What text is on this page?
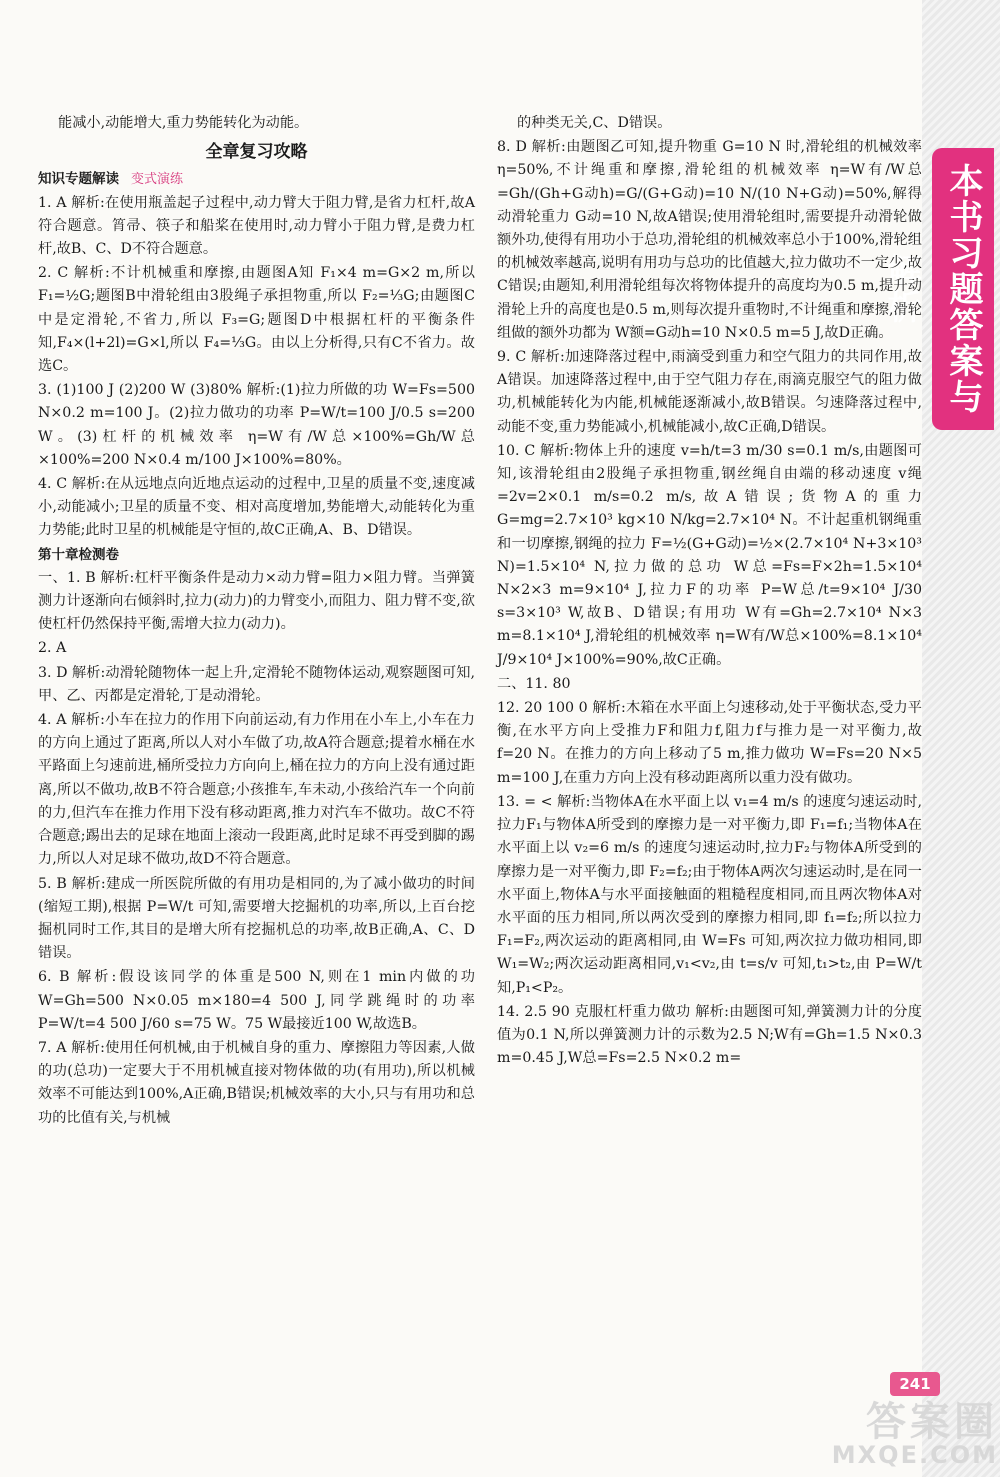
本书习题答案与解析
能减小,动能增大,重力势能转化为动能。
全章复习攻略
知识专题解读 变式演练
1. A 解析:在使用瓶盖起子过程中,动力臂大于阻力臂,是省力杠杆,故A符合题意。筲帚、筷子和船桨在使用时,动力臂小于阻力臂,是费力杠杆,故B、C、D不符合题意。
2. C 解析:不计机械重和摩擦,由题图A知 F₁×4 m=G×2 m,所以 F₁=½G;题图B中滑轮组由3股绳子承担物重,所以 F₂=⅓G;由题图C中是定滑轮,不省力,所以 F₃=G;题图D中根据杠杆的平衡条件知,F₄×(l+2l)=G×l,所以 F₄=⅓G。由以上分析得,只有C不省力。故选C。
3. (1)100 J (2)200 W (3)80% 解析:(1)拉力所做的功 W=Fs=500 N×0.2 m=100 J。(2)拉力做功的功率 P=W/t=100 J/0.5 s=200 W。(3)杠杆的机械效率 η=W有/W总×100%=Gh/W总×100%=200 N×0.4 m/100 J×100%=80%。
4. C 解析:在从远地点向近地点运动的过程中,卫星的质量不变,速度减小,动能减小;卫星的质量不变、相对高度增加,势能增大,动能转化为重力势能;此时卫星的机械能是守恒的,故C正确,A、B、D错误。
第十章检测卷
一、1. B 解析:杠杆平衡条件是动力×动力臂=阻力×阻力臂。当弹簧测力计逐渐向右倾斜时,拉力(动力)的力臂变小,而阻力、阻力臂不变,欲使杠杆仍然保持平衡,需增大拉力(动力)。
2. A
3. D 解析:动滑轮随物体一起上升,定滑轮不随物体运动,观察题图可知,甲、乙、丙都是定滑轮,丁是动滑轮。
4. A 解析:小车在拉力的作用下向前运动,有力作用在小车上,小车在力的方向上通过了距离,所以人对小车做了功,故A符合题意;提着水桶在水平路面上匀速前进,桶所受拉力方向向上,桶在拉力的方向上没有通过距离,所以不做功,故B不符合题意;小孩推车,车未动,小孩给汽车一个向前的力,但汽车在推力作用下没有移动距离,推力对汽车不做功。故C不符合题意;踢出去的足球在地面上滚动一段距离,此时足球不再受到脚的踢力,所以人对足球不做功,故D不符合题意。
5. B 解析:建成一所医院所做的有用功是相同的,为了减小做功的时间(缩短工期),根据 P=W/t 可知,需要增大挖掘机的功率,所以,上百台挖掘机同时工作,其目的是增大所有挖掘机总的功率,故B正确,A、C、D错误。
6. B 解析:假设该同学的体重是500 N,则在1 min内做的功 W=Gh=500 N×0.05 m×180=4 500 J,同学跳绳时的功率 P=W/t=4 500 J/60 s=75 W。75 W最接近100 W,故选B。
7. A 解析:使用任何机械,由于机械自身的重力、摩擦阻力等因素,人做的功(总功)一定要大于不用机械直接对物体做的功(有用功),所以机械效率不可能达到100%,A正确,B错误;机械效率的大小,只与有用功和总功的比值有关,与机械
的种类无关,C、D错误。
8. D 解析:由题图乙可知,提升物重 G=10 N 时,滑轮组的机械效率 η=50%,不计绳重和摩擦,滑轮组的机械效率 η=W有/W总=Gh/(Gh+G动h)=G/(G+G动)=10 N/(10 N+G动)=50%,解得动滑轮重力 G动=10 N,故A错误;使用滑轮组时,需要提升动滑轮做额外功,使得有用功小于总功,滑轮组的机械效率总小于100%,滑轮组的机械效率越高,说明有用功与总功的比值越大,拉力做功不一定少,故C错误;由题知,利用滑轮组每次将物体提升的高度均为0.5 m,提升动滑轮上升的高度也是0.5 m,则每次提升重物时,不计绳重和摩擦,滑轮组做的额外功都为 W额=G动h=10 N×0.5 m=5 J,故D正确。
9. C 解析:加速降落过程中,雨滴受到重力和空气阻力的共同作用,故A错误。加速降落过程中,由于空气阻力存在,雨滴克服空气的阻力做功,机械能转化为内能,机械能逐渐减小,故B错误。匀速降落过程中,动能不变,重力势能减小,机械能减小,故C正确,D错误。
10. C 解析:物体上升的速度 v=h/t=3 m/30 s=0.1 m/s,由题图可知,该滑轮组由2股绳子承担物重,钢丝绳自由端的移动速度 v绳=2v=2×0.1 m/s=0.2 m/s,故A错误;货物A的重力 G=mg=2.7×10³ kg×10 N/kg=2.7×10⁴ N。不计起重机钢绳重和一切摩擦,钢绳的拉力 F=½(G+G动)=½×(2.7×10⁴ N+3×10³ N)=1.5×10⁴ N,拉力做的总功 W总=Fs=F×2h=1.5×10⁴ N×2×3 m=9×10⁴ J,拉力F的功率 P=W总/t=9×10⁴ J/30 s=3×10³ W,故B、D错误;有用功 W有=Gh=2.7×10⁴ N×3 m=8.1×10⁴ J,滑轮组的机械效率 η=W有/W总×100%=8.1×10⁴ J/9×10⁴ J×100%=90%,故C正确。
二、11. 80
12. 20 100 0 解析:木箱在水平面上匀速移动,处于平衡状态,受力平衡,在水平方向上受推力F和阻力f,阻力f与推力是一对平衡力,故 f=20 N。在推力的方向上移动了5 m,推力做功 W=Fs=20 N×5 m=100 J,在重力方向上没有移动距离所以重力没有做功。
13. = < 解析:当物体A在水平面上以 v₁=4 m/s 的速度匀速运动时,拉力F₁与物体A所受到的摩擦力是一对平衡力,即 F₁=f₁;当物体A在水平面上以 v₂=6 m/s 的速度匀速运动时,拉力F₂与物体A所受到的摩擦力是一对平衡力,即 F₂=f₂;由于物体A两次匀速运动时,是在同一水平面上,物体A与水平面接触面的粗糙程度相同,而且两次物体A对水平面的压力相同,所以两次受到的摩擦力相同,即 f₁=f₂;所以拉力 F₁=F₂,两次运动的距离相同,由 W=Fs 可知,两次拉力做功相同,即 W₁=W₂;两次运动距离相同,v₁<v₂,由 t=s/v 可知,t₁>t₂,由 P=W/t 知,P₁<P₂。
14. 2.5 90 克服杠杆重力做功 解析:由题图可知,弹簧测力计的分度值为0.1 N,所以弹簧测力计的示数为2.5 N;W有=Gh=1.5 N×0.3 m=0.45 J,W总=Fs=2.5 N×0.2 m=
241
答案圈
MXQE.COM
